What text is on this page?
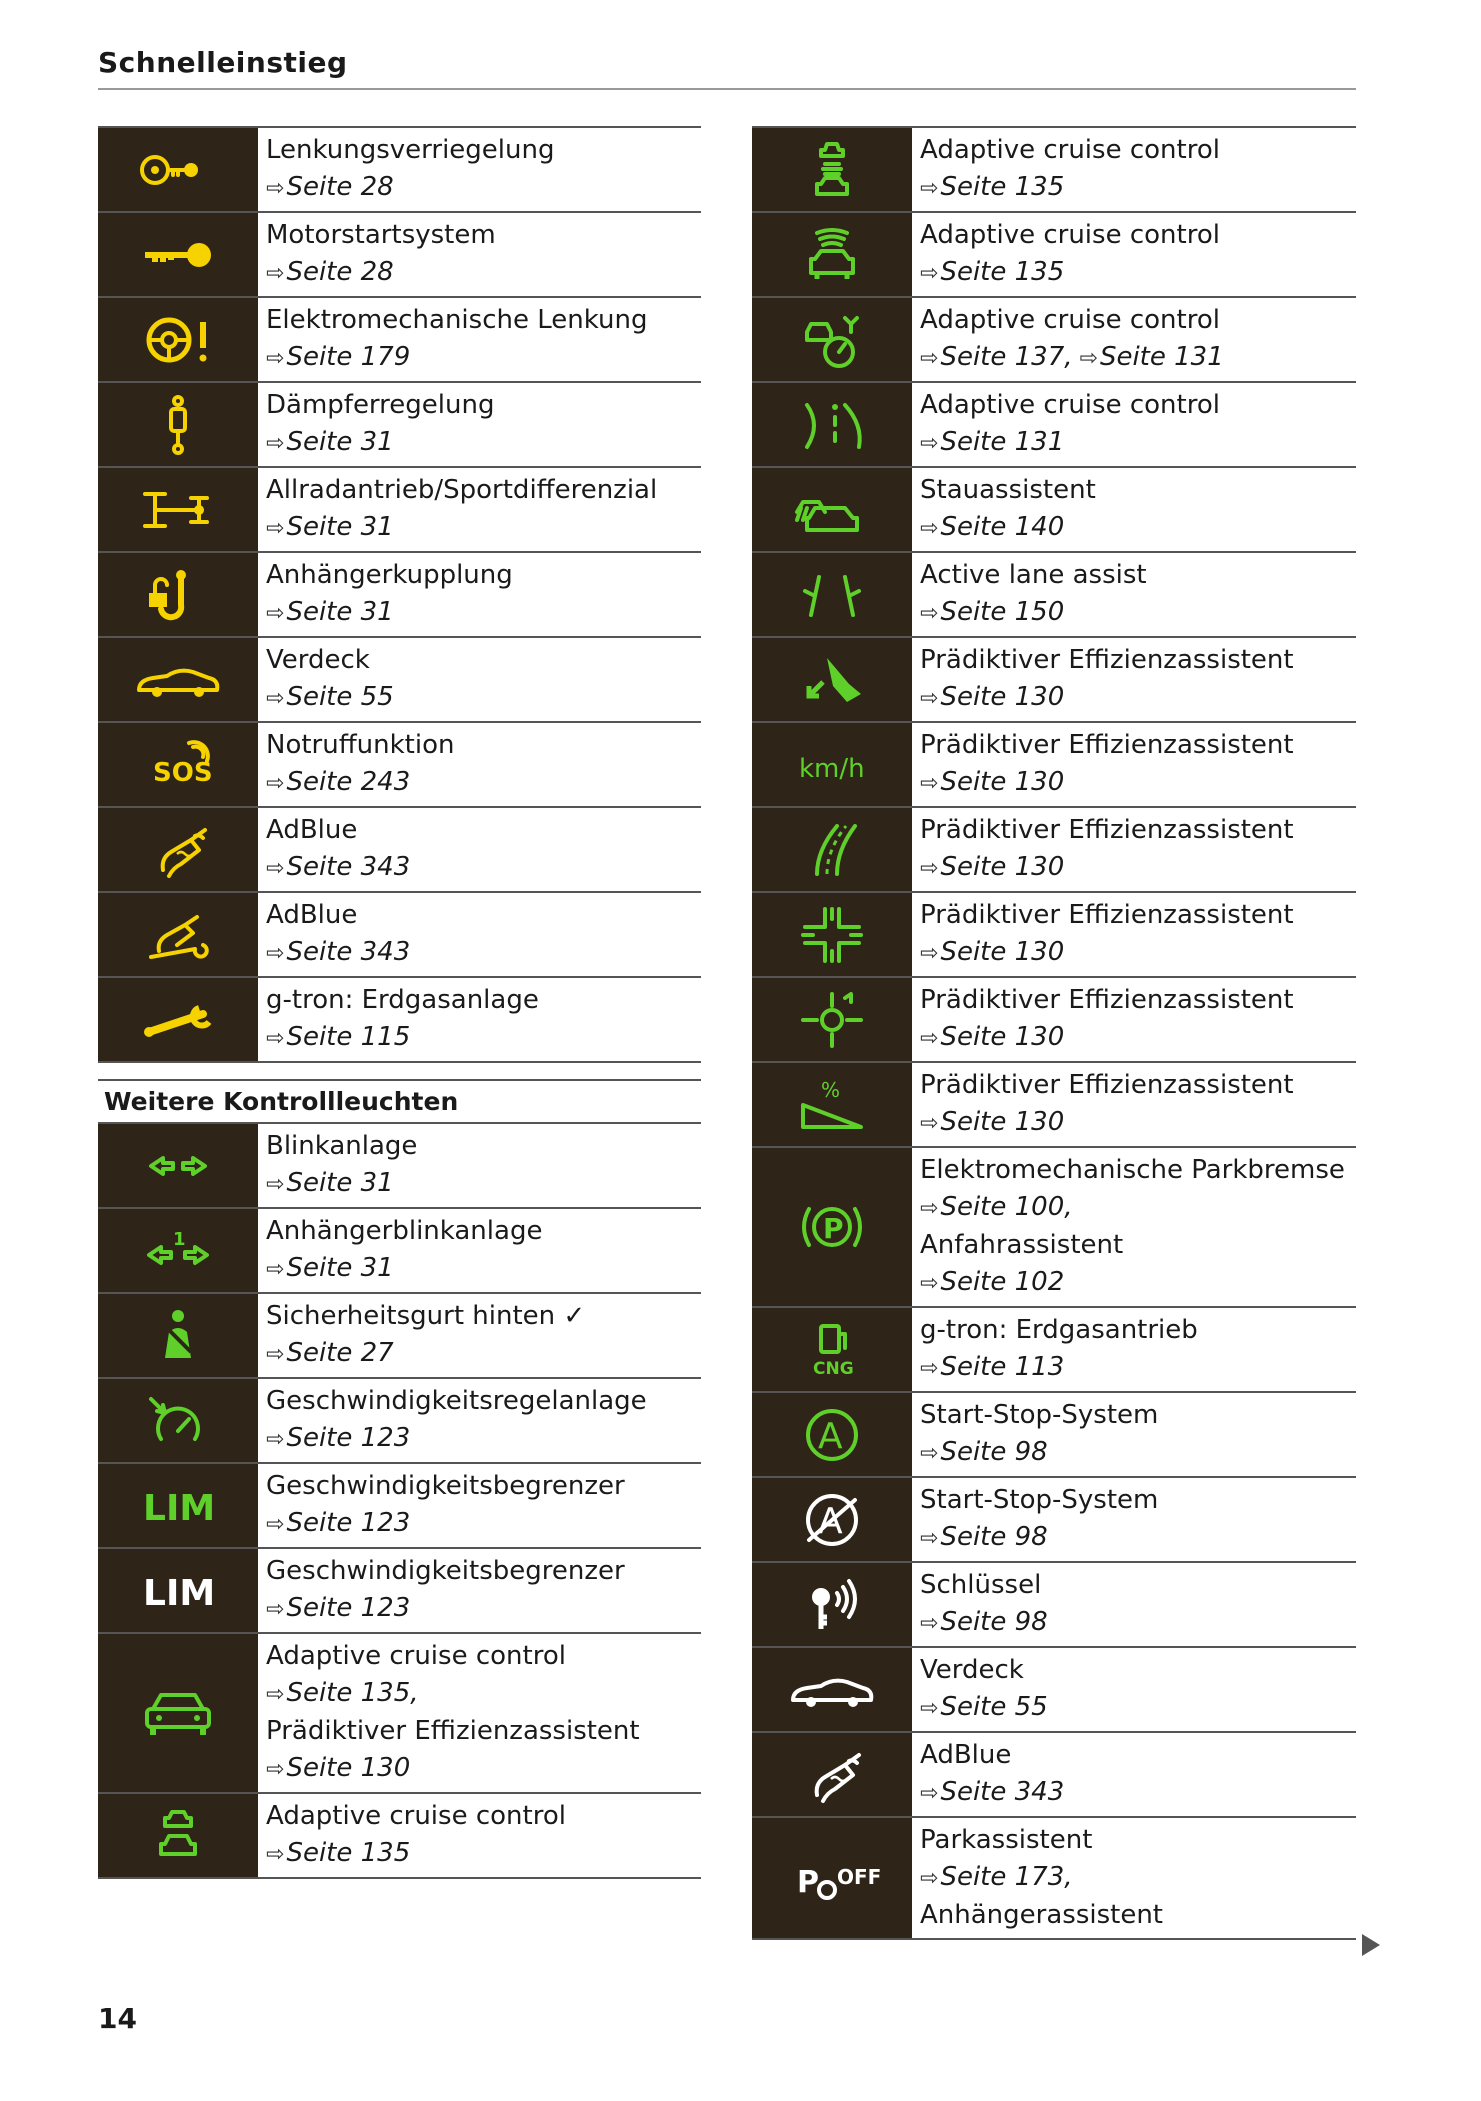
Schnelleinstieg
Lenkungsverriegelung
⇨Seite 28
Motorstartsystem
⇨Seite 28
Elektromechanische Lenkung
⇨Seite 179
Dämpferregelung
⇨Seite 31
Allradantrieb/Sportdifferenzial
⇨Seite 31
Anhängerkupplung
⇨Seite 31
Verdeck
⇨Seite 55
SOS
Notruffunktion
⇨Seite 243
AdBlue
⇨Seite 343
AdBlue
⇨Seite 343
g-tron: Erdgasanlage
⇨Seite 115
Weitere Kontrollleuchten
Blinkanlage
⇨Seite 31
1	Anhängerblinkanlage
⇨Seite 31
Sicherheitsgurt hinten ✓
⇨Seite 27
Geschwindigkeitsregelanlage
⇨Seite 123
LIM
Geschwindigkeitsbegrenzer
⇨Seite 123
LIM
Geschwindigkeitsbegrenzer
⇨Seite 123
Adaptive cruise control
⇨Seite 135,
Prädiktiver Effizienzassistent
⇨Seite 130
Adaptive cruise control
⇨Seite 135
Adaptive cruise control
⇨Seite 135
Adaptive cruise control
⇨Seite 135
Adaptive cruise control
⇨Seite 137, ⇨Seite 131
Adaptive cruise control
⇨Seite 131
Stauassistent
⇨Seite 140
Active lane assist
⇨Seite 150
Prädiktiver Effizienzassistent
⇨Seite 130
km/h
Prädiktiver Effizienzassistent
⇨Seite 130
Prädiktiver Effizienzassistent
⇨Seite 130
Prädiktiver Effizienzassistent
⇨Seite 130
Prädiktiver Effizienzassistent
⇨Seite 130
%	Prädiktiver Effizienzassistent
⇨Seite 130
P
Elektromechanische Parkbremse
⇨Seite 100,
Anfahrassistent
⇨Seite 102
CNG
g-tron: Erdgasantrieb
⇨Seite 113
A
Start-Stop-System
⇨Seite 98
A
Start-Stop-System
⇨Seite 98
Schlüssel
⇨Seite 98
Verdeck
⇨Seite 55
AdBlue
⇨Seite 343
P OFF
Parkassistent
⇨Seite 173,
Anhängerassistent
14
